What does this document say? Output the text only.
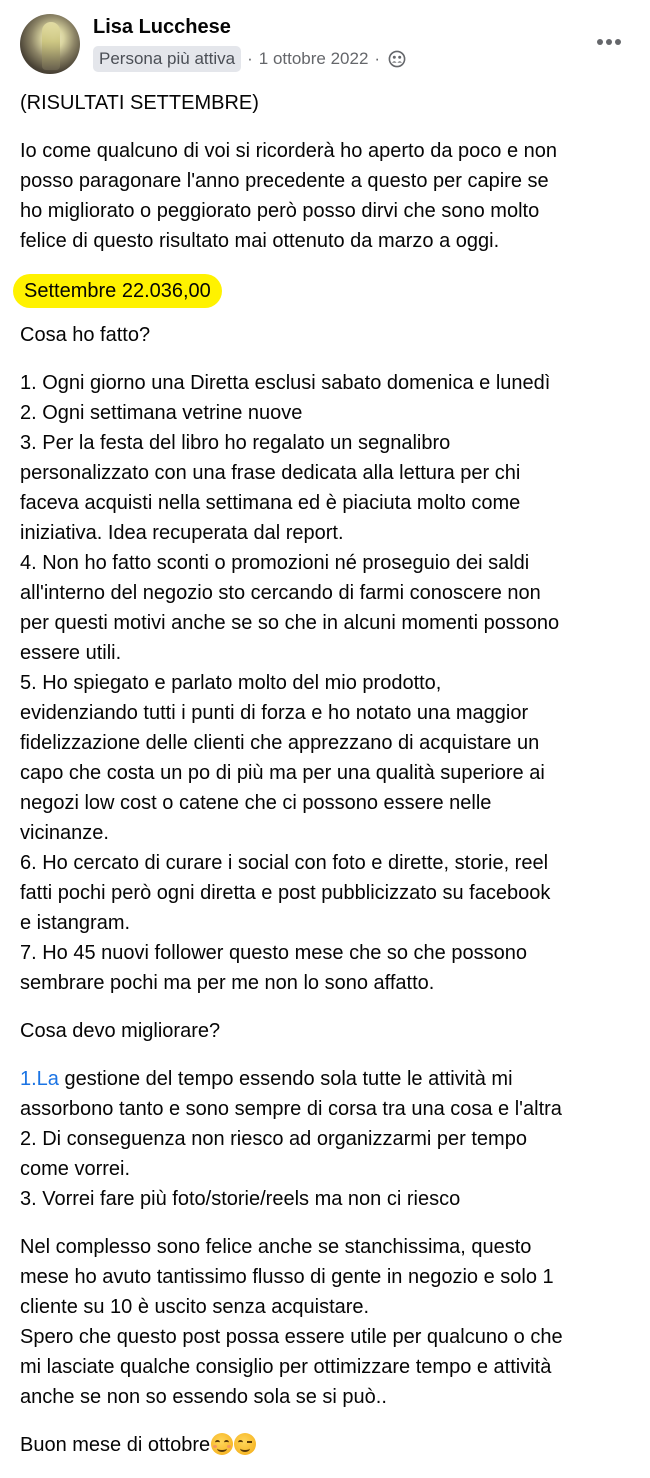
Lisa Lucchese
Persona più attiva · 1 ottobre 2022 ·
(RISULTATI SETTEMBRE)
Io come qualcuno di voi si ricorderà ho aperto da poco e non
posso paragonare l'anno precedente a questo per capire se
ho migliorato o peggiorato però posso dirvi che sono molto
felice di questo risultato mai ottenuto da marzo a oggi.
Settembre 22.036,00
Cosa ho fatto?
1. Ogni giorno una Diretta esclusi sabato domenica e lunedì
2. Ogni settimana vetrine nuove
3. Per la festa del libro ho regalato un segnalibro
personalizzato con una frase dedicata alla lettura per chi
faceva acquisti nella settimana ed è piaciuta molto come
iniziativa. Idea recuperata dal report.
4. Non ho fatto sconti o promozioni né proseguio dei saldi
all'interno del negozio sto cercando di farmi conoscere non
per questi motivi anche se so che in alcuni momenti possono
essere utili.
5. Ho spiegato e parlato molto del mio prodotto,
evidenziando tutti i punti di forza e ho notato una maggior
fidelizzazione delle clienti che apprezzano di acquistare un
capo che costa un po di più ma per una qualità superiore ai
negozi low cost o catene che ci possono essere nelle
vicinanze.
6. Ho cercato di curare i social con foto e dirette, storie, reel
fatti pochi però ogni diretta e post pubblicizzato su facebook
e istangram.
7. Ho 45 nuovi follower questo mese che so che possono
sembrare pochi ma per me non lo sono affatto.
Cosa devo migliorare?
1.La gestione del tempo essendo sola tutte le attività mi
assorbono tanto e sono sempre di corsa tra una cosa e l'altra
2. Di conseguenza non riesco ad organizzarmi per tempo
come vorrei.
3. Vorrei fare più foto/storie/reels ma non ci riesco
Nel complesso sono felice anche se stanchissima, questo
mese ho avuto tantissimo flusso di gente in negozio e solo 1
cliente su 10 è uscito senza acquistare.
Spero che questo post possa essere utile per qualcuno o che
mi lasciate qualche consiglio per ottimizzare tempo e attività
anche se non so essendo sola se si può..
Buon mese di ottobre
